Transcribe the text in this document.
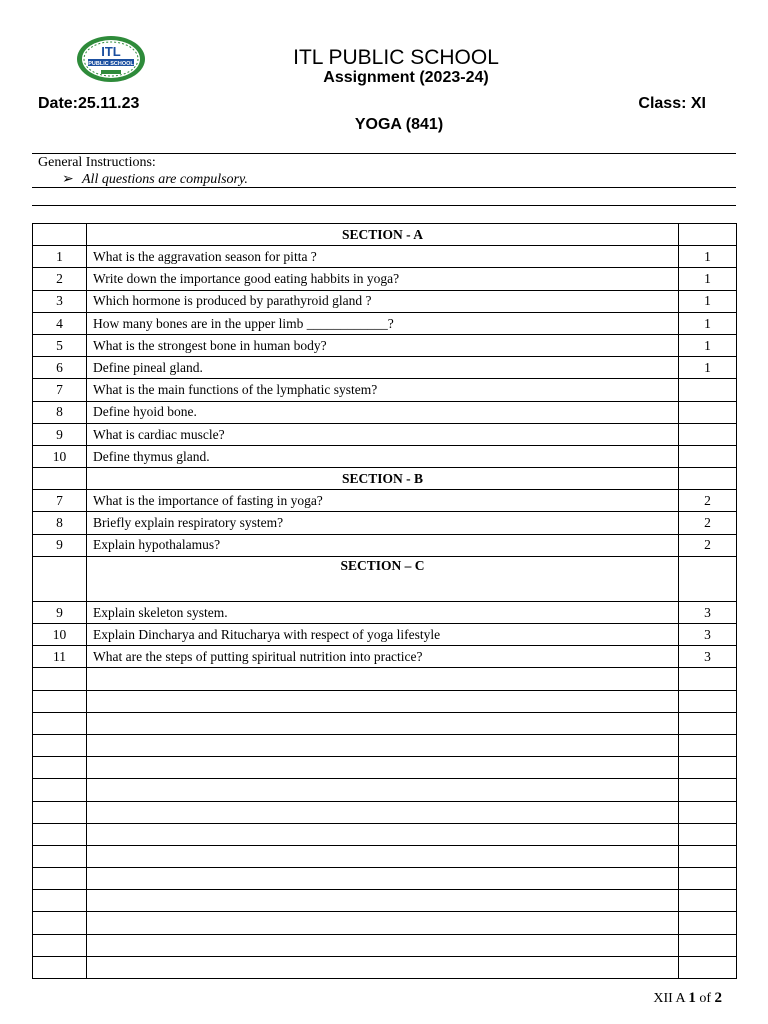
ITL
PUBLIC SCHOOL	ITL PUBLIC SCHOOL
Assignment (2023-24)
Date:25.11.23	Class: XI
YOGA (841)
General Instructions:
➢ All questions are compulsory.
	SECTION - A	
1	What is the aggravation season for pitta ?	1
2	Write down the importance good eating habbits in yoga?	1
3	Which hormone is produced by parathyroid gland ?	1
4	How many bones are in the upper limb ____________?	1
5	What is the strongest bone in human body?	1
6	Define pineal gland.	1
7	What is the main functions of the lymphatic system?	
8	Define hyoid bone.	
9	What is cardiac muscle?	
10	Define thymus gland.	
	SECTION - B	
7	What is the importance of fasting in yoga?	2
8	Briefly explain respiratory system?	2
9	Explain hypothalamus?	2
	SECTION – C	
9	Explain skeleton system.	3
10	Explain Dincharya and Ritucharya with respect of yoga lifestyle	3
11	What are the steps of putting spiritual nutrition into practice?	3

XII A 1 of 2
